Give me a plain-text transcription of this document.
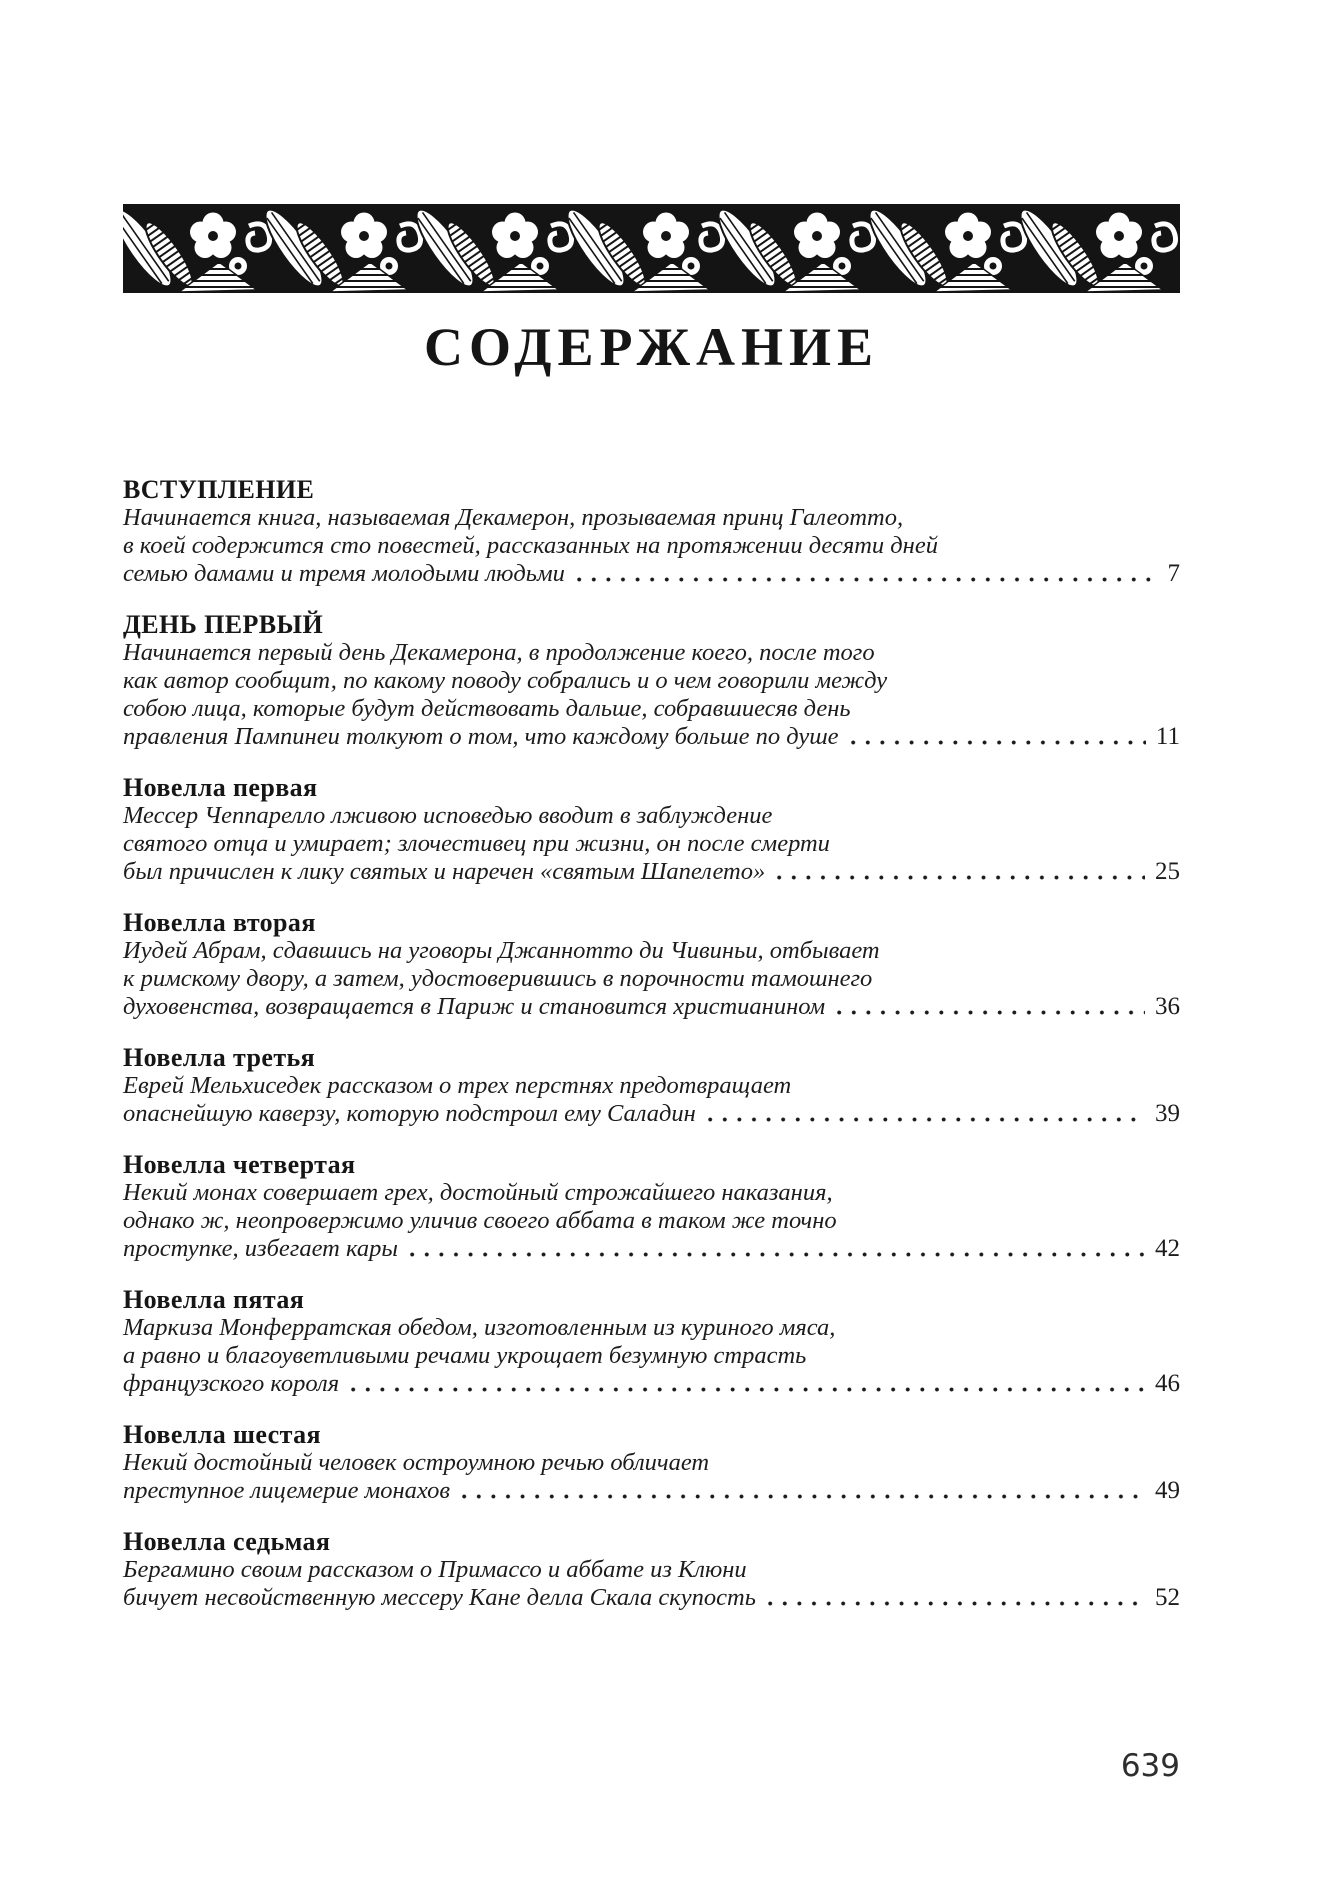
СОДЕРЖАНИЕ
ВСТУПЛЕНИЕ
Начинается книга, называемая Декамерон, прозываемая принц Галеотто,
в коей содержится сто повестей, рассказанных на протяжении десяти дней
семью дамами и тремя молодыми людьми	7
ДЕНЬ ПЕРВЫЙ
Начинается первый день Декамерона, в продолжение коего, после того
как автор сообщит, по какому поводу собрались и о чем говорили между
собою лица, которые будут действовать дальше, собравшиесяв день
правления Пампинеи толкуют о том, что каждому больше по душе	11
Новелла первая
Мессер Чеппарелло лживою исповедью вводит в заблуждение
святого отца и умирает; злочестивец при жизни, он после смерти
был причислен к лику святых и наречен «святым Шапелето»	25
Новелла вторая
Иудей Абрам, сдавшись на уговоры Джаннотто ди Чивиньи, отбывает
к римскому двору, а затем, удостоверившись в порочности тамошнего
духовенства, возвращается в Париж и становится христианином	36
Новелла третья
Еврей Мельхиседек рассказом о трех перстнях предотвращает
опаснейшую каверзу, которую подстроил ему Саладин	39
Новелла четвертая
Некий монах совершает грех, достойный строжайшего наказания,
однако ж, неопровержимо уличив своего аббата в таком же точно
проступке, избегает кары	42
Новелла пятая
Маркиза Монферратская обедом, изготовленным из куриного мяса,
а равно и благоуветливыми речами укрощает безумную страсть
французского короля	46
Новелла шестая
Некий достойный человек остроумною речью обличает
преступное лицемерие монахов	49
Новелла седьмая
Бергамино своим рассказом о Примассо и аббате из Клюни
бичует несвойственную мессеру Кане делла Скала скупость	52
639
